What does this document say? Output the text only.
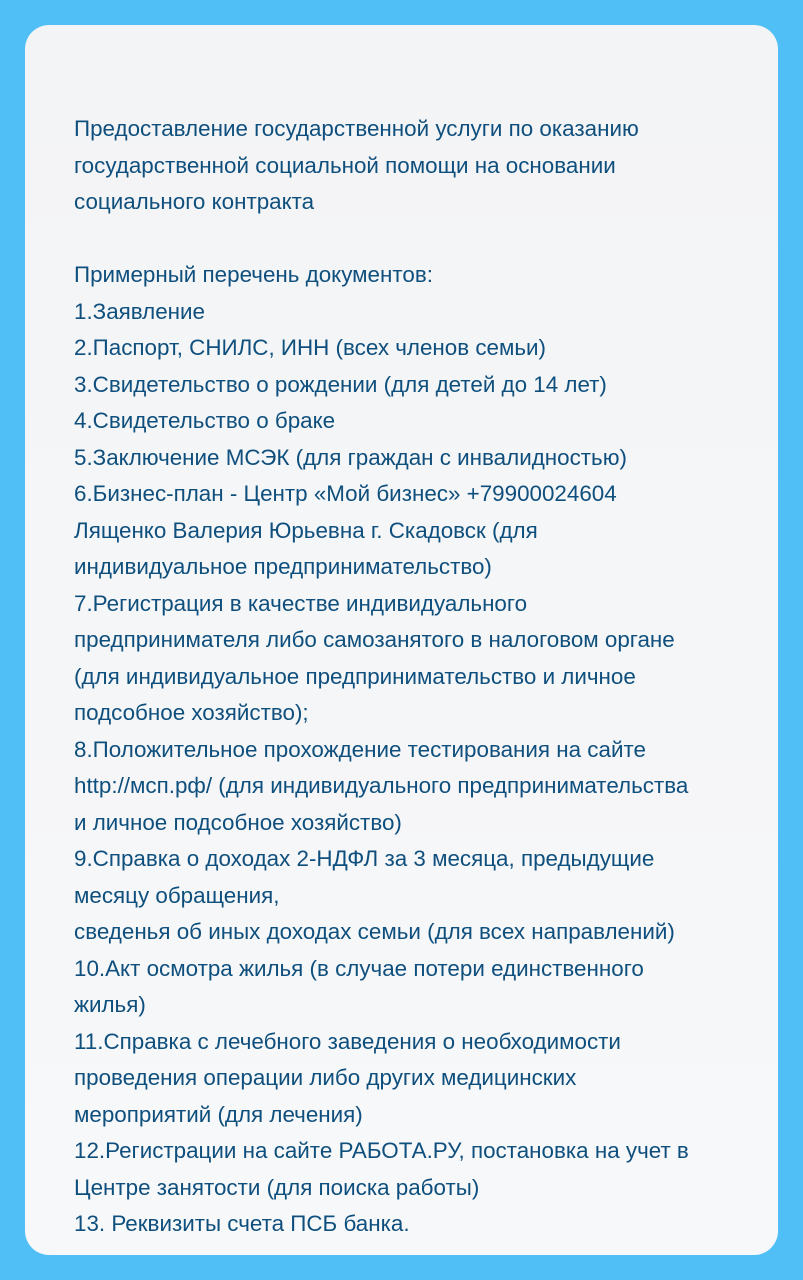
Предоставление государственной услуги по оказанию
государственной социальной помощи на основании
социального контракта
Примерный перечень документов:
1.Заявление
2.Паспорт, СНИЛС, ИНН (всех членов семьи)
3.Свидетельство о рождении (для детей до 14 лет)
4.Свидетельство о браке
5.Заключение МСЭК (для граждан с инвалидностью)
6.Бизнес-план - Центр «Мой бизнес» +79900024604
Лященко Валерия Юрьевна г. Скадовск (для
индивидуальное предпринимательство)
7.Регистрация в качестве индивидуального
предпринимателя либо самозанятого в налоговом органе
(для индивидуальное предпринимательство и личное
подсобное хозяйство);
8.Положительное прохождение тестирования на сайте
http://мсп.рф/ (для индивидуального предпринимательства
и личное подсобное хозяйство)
9.Справка о доходах 2-НДФЛ за 3 месяца, предыдущие
месяцу обращения,
сведенья об иных доходах семьи (для всех направлений)
10.Акт осмотра жилья (в случае потери единственного
жилья)
11.Справка с лечебного заведения о необходимости
проведения операции либо других медицинских
мероприятий (для лечения)
12.Регистрации на сайте РАБОТА.РУ, постановка на учет в
Центре занятости (для поиска работы)
13. Реквизиты счета ПСБ банка.
